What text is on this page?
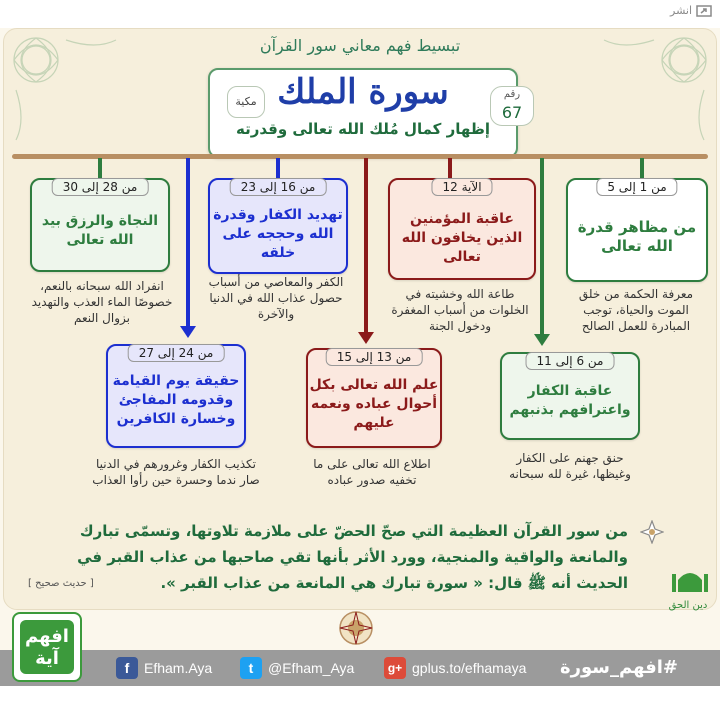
انشر
تبسيط فهم معاني سور القرآن
سورة الملك
إظهار كمال مُلك الله تعالى وقدرته
مكية
رقم
67
من 1 إلى 5
من مظاهر قدرة الله تعالى
معرفة الحكمة من خلق الموت والحياة، توجب المبادرة للعمل الصالح
الآية 12
عاقبة المؤمنين الذين يخافون الله تعالى
طاعة الله وخشيته في الخلوات من أسباب المغفرة ودخول الجنة
من 16 إلى 23
تهديد الكفار وقدرة الله وحججه على خلقه
الكفر والمعاصي من أسباب حصول عذاب الله في الدنيا والآخرة
من 28 إلى 30
النجاة والرزق بيد الله تعالى
انفراد الله سبحانه بالنعم، خصوصًا الماء العذب والتهديد بزوال النعم
من 6 إلى 11
عاقبة الكفار واعترافهم بذنبهم
حنق جهنم على الكفار وغيظها، غيرة لله سبحانه
من 13 إلى 15
علم الله تعالى بكل أحوال عباده ونعمه عليهم
اطلاع الله تعالى على ما تخفيه صدور عباده
من 24 إلى 27
حقيقة يوم القيامة وقدومه المفاجئ وخسارة الكافرين
تكذيب الكفار وغرورهم في الدنيا صار ندما وحسرة حين رأوا العذاب
من سور القرآن العظيمة التي صحّ الحضّ على ملازمة تلاوتها، وتسمّى تبارك والمانعة والواقية والمنجية، وورد الأثر بأنها تقي صاحبها من عذاب القبر في الحديث أنه ﷺ قال: « سورة تبارك هي المانعة من عذاب القبر ».
[ حديث صحيح ]
دين الحق
f	Efham.Aya	t	@Efham_Aya	g+ gplus.to/efhamaya #افهم_سورة
افهم آية
